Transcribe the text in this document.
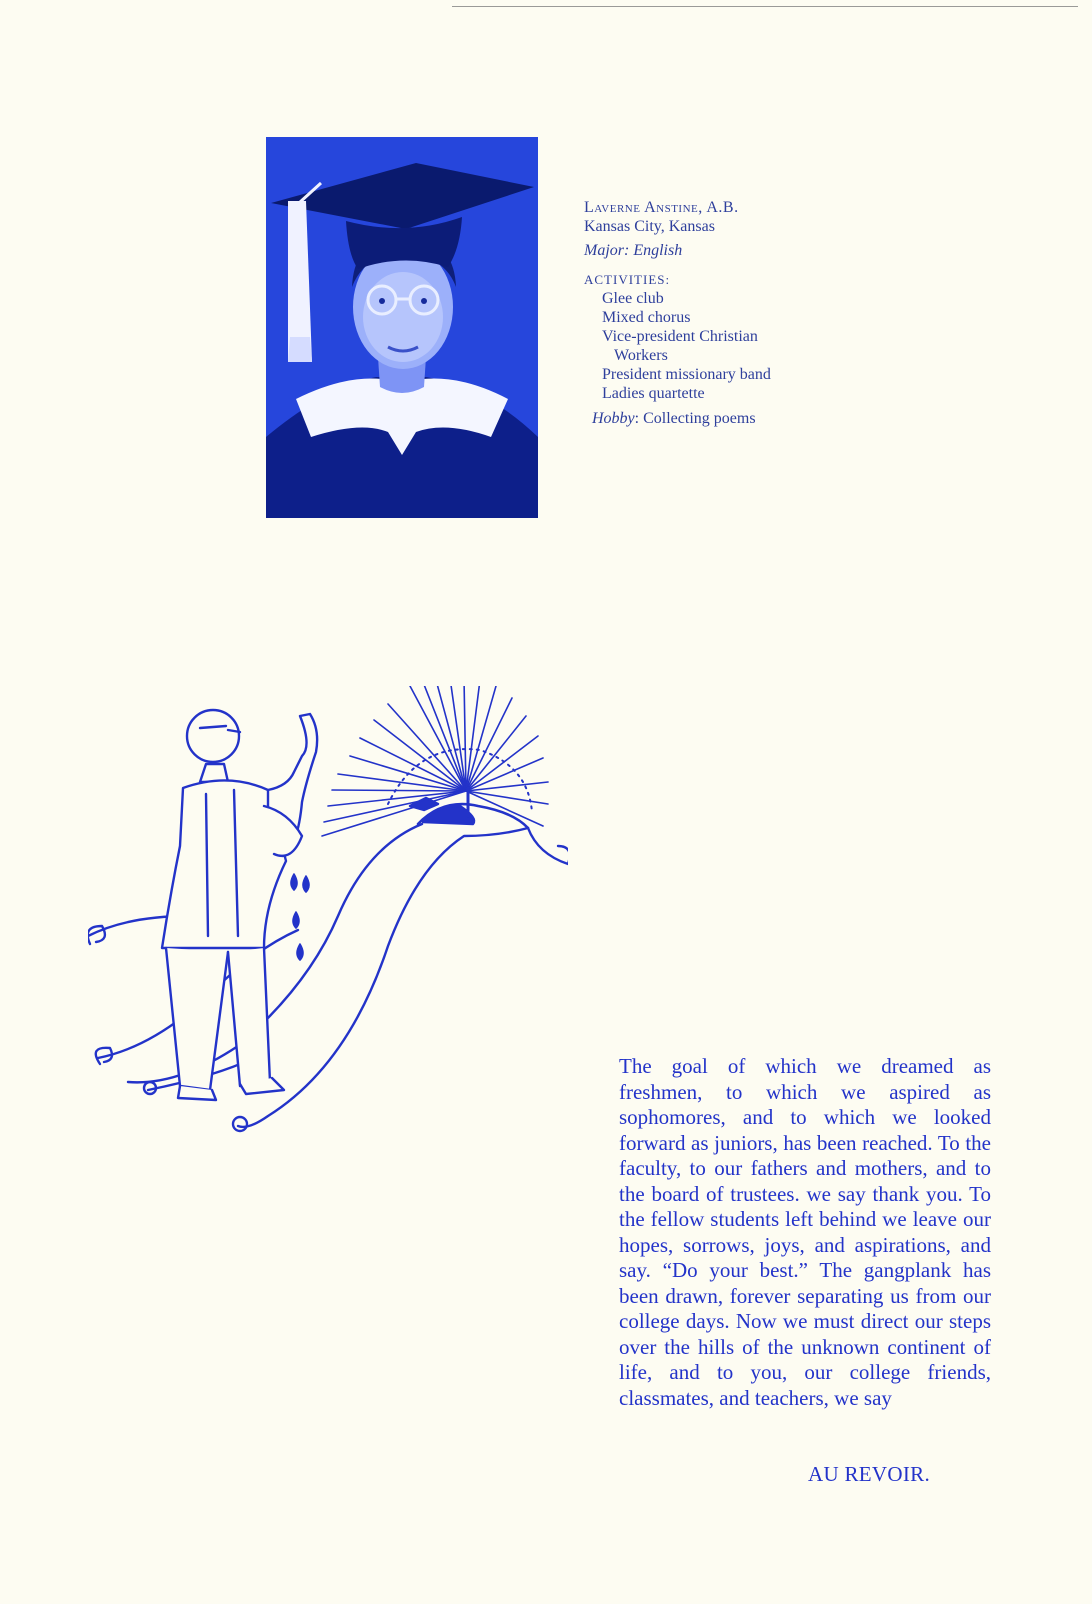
Laverne Anstine, A.B.

Kansas City, Kansas

Major: English

ACTIVITIES:

Glee club
Mixed chorus
Vice-president Christian
Workers
President missionary band
Ladies quartette

Hobby: Collecting poems

The goal of which we dreamed as freshmen, to which we aspired as sophomores, and to which we looked forward as juniors, has been reached. To the faculty, to our fathers and mothers, and to the board of trustees. we say thank you. To the fellow students left behind we leave our hopes, sorrows, joys, and aspirations, and say. “Do your best.” The gangplank has been drawn, forever separating us from our college days. Now we must direct our steps over the hills of the unknown continent of life, and to you, our college friends, classmates, and teachers, we say
AU REVOIR.
